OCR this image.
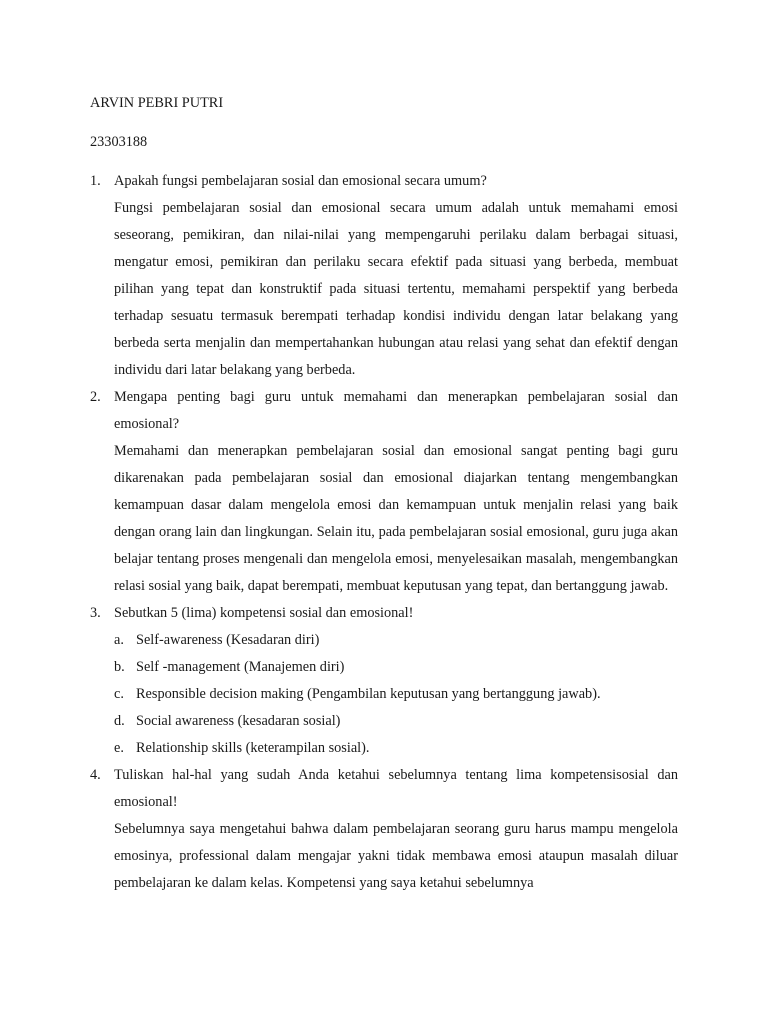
ARVIN PEBRI PUTRI
23303188
1. Apakah fungsi pembelajaran sosial dan emosional secara umum?

Fungsi pembelajaran sosial dan emosional secara umum adalah untuk memahami emosi seseorang, pemikiran, dan nilai-nilai yang mempengaruhi perilaku dalam berbagai situasi, mengatur emosi, pemikiran dan perilaku secara efektif pada situasi yang berbeda, membuat pilihan yang tepat dan konstruktif pada situasi tertentu, memahami perspektif yang berbeda terhadap sesuatu termasuk berempati terhadap kondisi individu dengan latar belakang yang berbeda serta menjalin dan mempertahankan hubungan atau relasi yang sehat dan efektif dengan individu dari latar belakang yang berbeda.

2. Mengapa penting bagi guru untuk memahami dan menerapkan pembelajaran sosial dan emosional?

Memahami dan menerapkan pembelajaran sosial dan emosional sangat penting bagi guru dikarenakan pada pembelajaran sosial dan emosional diajarkan tentang mengembangkan kemampuan dasar dalam mengelola emosi dan kemampuan untuk menjalin relasi yang baik dengan orang lain dan lingkungan. Selain itu, pada pembelajaran sosial emosional, guru juga akan belajar tentang proses mengenali dan mengelola emosi, menyelesaikan masalah, mengembangkan relasi sosial yang baik, dapat berempati, membuat keputusan yang tepat, dan bertanggung jawab.

3. Sebutkan 5 (lima) kompetensi sosial dan emosional!
a. Self-awareness (Kesadaran diri)
b. Self -management (Manajemen diri)
c. Responsible decision making (Pengambilan keputusan yang bertanggung jawab).
d. Social awareness (kesadaran sosial)
e. Relationship skills (keterampilan sosial).
4. Tuliskan hal-hal yang sudah Anda ketahui sebelumnya tentang lima kompetensisosial dan emosional!

Sebelumnya saya mengetahui bahwa dalam pembelajaran seorang guru harus mampu mengelola emosinya, professional dalam mengajar yakni tidak membawa emosi ataupun masalah diluar pembelajaran ke dalam kelas. Kompetensi yang saya ketahui sebelumnya
